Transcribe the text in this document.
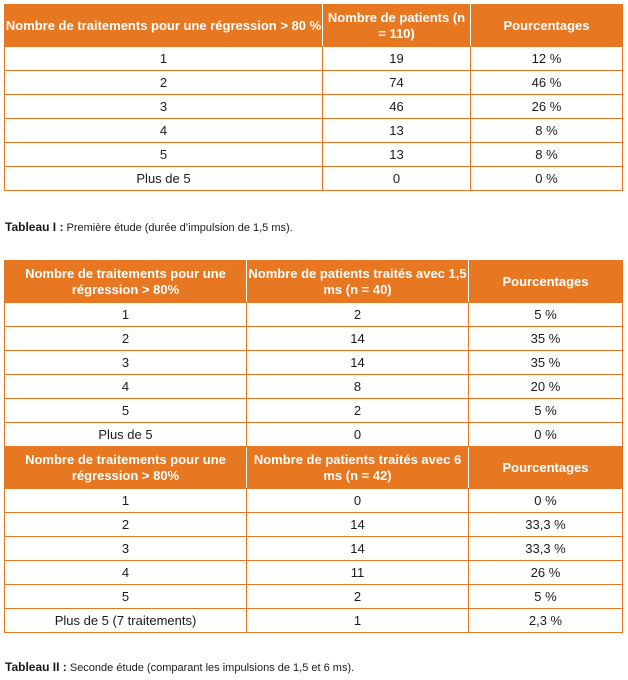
Nombre de traitements pour une régression > 80 %	Nombre de patients (n = 110)	Pourcentages
1	19	12 %
2	74	46 %
3	46	26 %
4	13	8 %
5	13	8 %
Plus de 5	0	0 %
Tableau I : Première étude (durée d’impulsion de 1,5 ms).
Nombre de traitements pour une régression > 80%	Nombre de patients traités avec 1,5 ms (n = 40)	Pourcentages
1	2	5 %
2	14	35 %
3	14	35 %
4	8	20 %
5	2	5 %
Plus de 5	0	0 %
Nombre de traitements pour une régression > 80%	Nombre de patients traités avec 6 ms (n = 42)	Pourcentages
1	0	0 %
2	14	33,3 %
3	14	33,3 %
4	11	26 %
5	2	5 %
Plus de 5 (7 traitements)	1	2,3 %
Tableau II : Seconde étude (comparant les impulsions de 1,5 et 6 ms).
